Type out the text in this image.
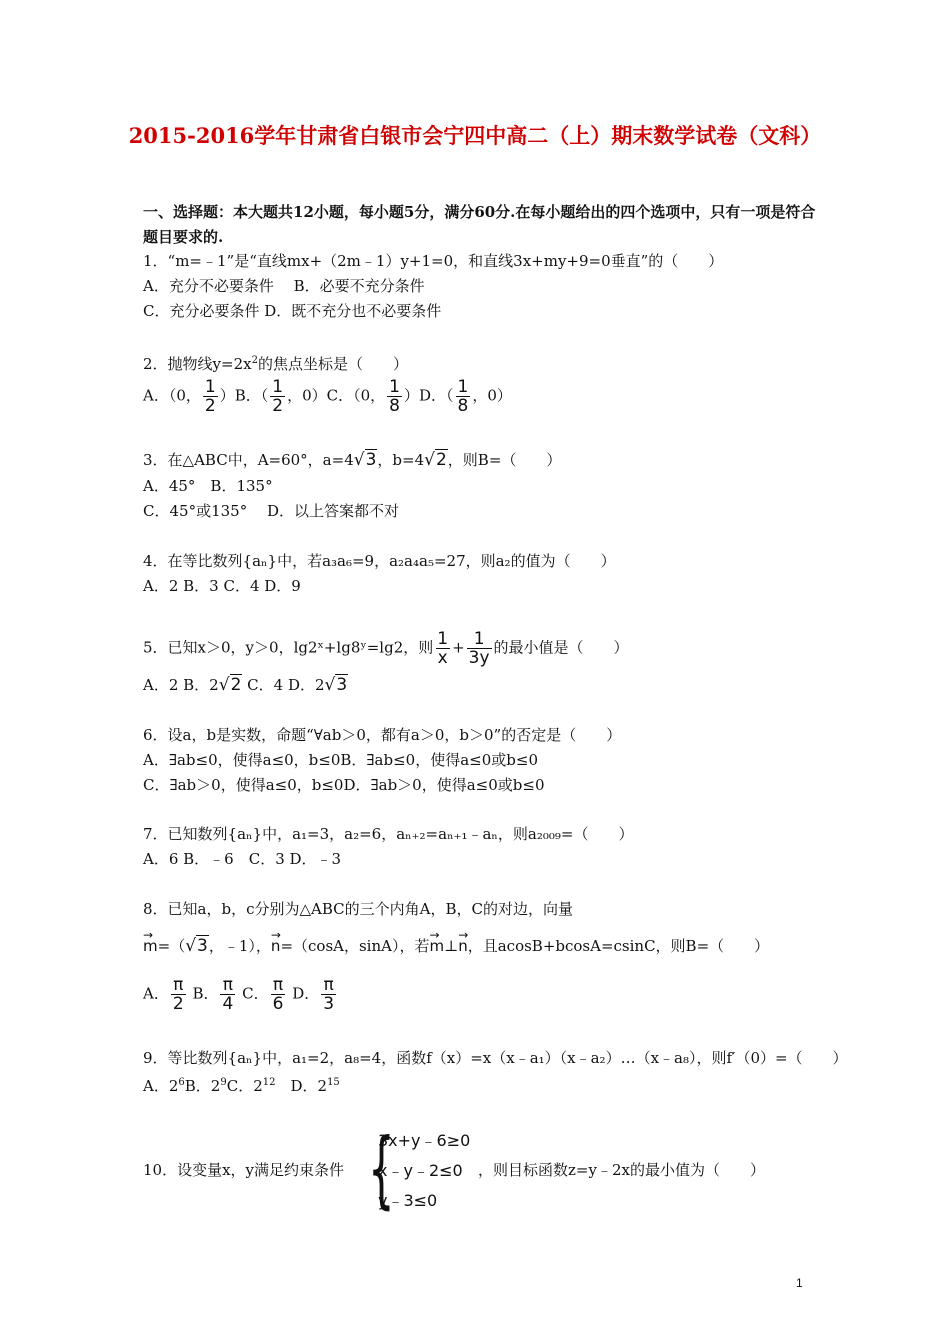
2015-2016学年甘肃省白银市会宁四中高二（上）期末数学试卷（文科）
一、选择题：本大题共12小题，每小题5分，满分60分.在每小题给出的四个选项中，只有一项是符合题目要求的.
1．“m=﹣1”是“直线mx+（2m﹣1）y+1=0，和直线3x+my+9=0垂直”的（　　）
A．充分不必要条件　 B．必要不充分条件
C．充分必要条件 D．既不充分也不必要条件
2．抛物线$y=2x^2$的焦点坐标是（　　）
A．（0， $\frac{1}{2} )B$．（ $\frac{1}{2}$ ，0）C．（0， $\frac{1}{8} )D$．（ $\frac{1}{8}$ ，0）
3．在△ABC中，A=60°，a=4√3，b=4√2，则B=（　　）
A．45°　B．135°
C．45°或135°　 D．以上答案都不对
4．在等比数列{aₙ}中，若a₃a₆=9，a₂a₄a₅=27，则a₂的值为（　　）
A．2 B．3 C．4 D．9
5．已知x＞0，y＞0，lg2ˣ+lg8ʸ=lg2，则 $\frac{1}{x} + \frac{1}{3y}$ 的最小值是（　　）
A．2 B．2√2 C．4 D．2√3
6．设a，b是实数，命题“∀ab＞0，都有a＞0，b＞0”的否定是（　　）
A．∃ab≤0，使得a≤0，b≤0B．∃ab≤0，使得a≤0或b≤0
C．∃ab＞0，使得a≤0，b≤0D．∃ab＞0，使得a≤0或b≤0
7．已知数列{aₙ}中，a₁=3，a₂=6，aₙ₊₂=aₙ₊₁﹣aₙ，则a₂₀₀₉=（　　）
A．6 B．﹣6　C．3 D．﹣3
8．已知a，b，c分别为△ABC的三个内角A，B，C的对边，向量
→ m=（√3，﹣1），→ n=（cosA，sinA），若→ m⊥→ n，且acosB+bcosA=csinC，则B=（　　）
A． $\frac{\pi}{2}$ B． $\frac{\pi}{4}$ C． $\frac{\pi}{6}$ D． $\frac{\pi}{3}$
9．等比数列{aₙ}中，a₁=2，a₈=4，函数f（x）=x（x﹣a₁）（x﹣a₂）…（x﹣a₈），则f′（0）=（　　）
A．$2^6B$．$2^9C$．$2^{12}$　D．$2^{15}$
10．设变量x，y满足约束条件 {
3x+y﹣6≥0
x﹣y﹣2≤0
y﹣3≤0
，则目标函数z=y﹣2x的最小值为（　　）
1
